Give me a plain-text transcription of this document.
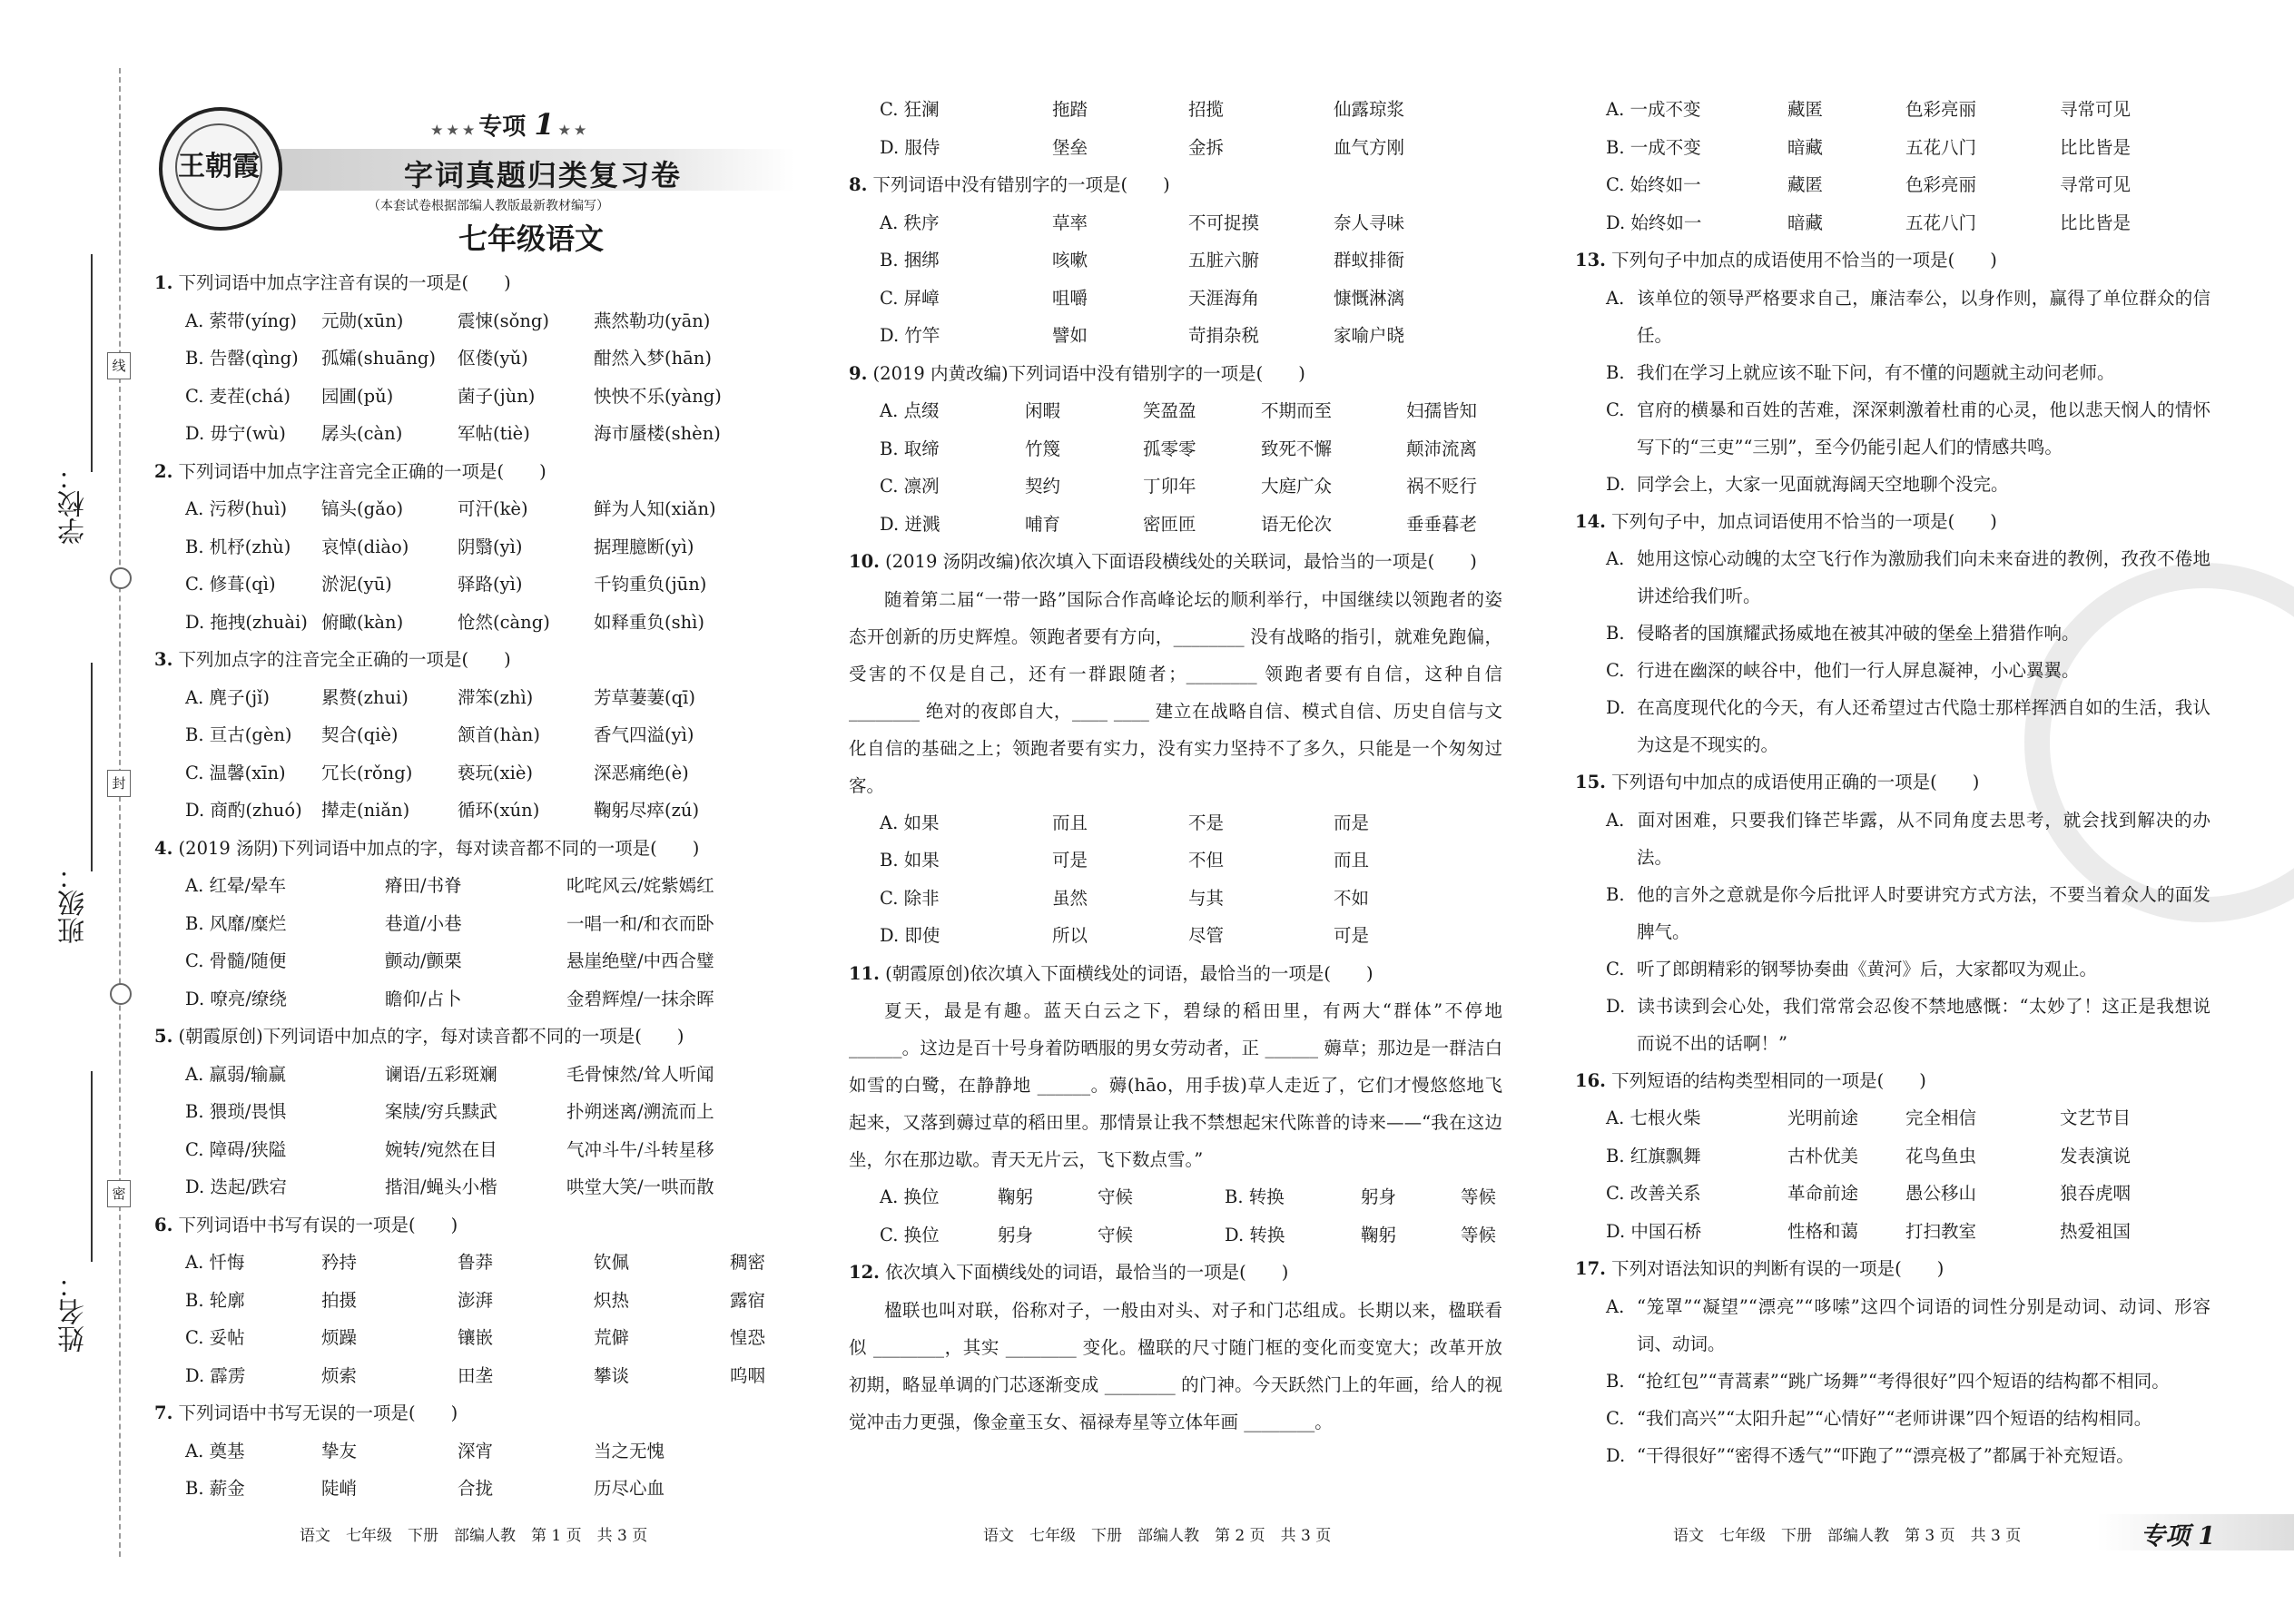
学校：
班级：
姓名：
线
封
密
王朝霞
★ ★ ★ 专项 1 ★ ★
字词真题归类复习卷
（本套试卷根据部编人教版最新教材编写）
七年级语文
1. 下列词语中加点字注音有误的一项是(　　)
A. 萦带(yíng)	元勋(xūn)	震悚(sǒng)	燕然勒功(yān)
B. 告罄(qìng)	孤孀(shuāng)	伛偻(yǔ)	酣然入梦(hān)
C. 麦茬(chá)	园圃(pǔ)	菌子(jùn)	怏怏不乐(yàng)
D. 毋宁(wù)	孱头(càn)	军帖(tiè)	海市蜃楼(shèn)
2. 下列词语中加点字注音完全正确的一项是(　　)
A. 污秽(huì)	镐头(gǎo)	可汗(kè)	鲜为人知(xiǎn)
B. 机杼(zhù)	哀悼(diào)	阴翳(yì)	据理臆断(yì)
C. 修葺(qì)	淤泥(yū)	驿路(yì)	千钧重负(jūn)
D. 拖拽(zhuài) 俯瞰(kàn)	怆然(càng)	如释重负(shì)
3. 下列加点字的注音完全正确的一项是(　　)
A. 麂子(jǐ)	累赘(zhui)	滞笨(zhì)	芳草萋萋(qī)
B. 亘古(gèn)	契合(qiè)	颔首(hàn)	香气四溢(yì)
C. 温馨(xīn)	冗长(rǒng)	亵玩(xiè)	深恶痛绝(è)
D. 商酌(zhuó)	撵走(niǎn)	循环(xún)	鞠躬尽瘁(zú)
4. (2019 汤阴)下列词语中加点的字，每对读音都不同的一项是(　　)
A. 红晕/晕车	瘠田/书脊	叱咤风云/姹紫嫣红
B. 风靡/糜烂	巷道/小巷	一唱一和/和衣而卧
C. 骨髓/随便	颤动/颤栗	悬崖绝壁/中西合璧
D. 嘹亮/缭绕	瞻仰/占卜	金碧辉煌/一抹余晖
5. (朝霞原创)下列词语中加点的字，每对读音都不同的一项是(　　)
A. 羸弱/输赢	谰语/五彩斑斓	毛骨悚然/耸人听闻
B. 猥琐/畏惧	案牍/穷兵黩武	扑朔迷离/溯流而上
C. 障碍/狭隘	婉转/宛然在目	气冲斗牛/斗转星移
D. 迭起/跌宕	揩泪/蝇头小楷	哄堂大笑/一哄而散
6. 下列词语中书写有误的一项是(　　)
A. 忏悔	矜持	鲁莽	钦佩	稠密
B. 轮廓	拍摄	澎湃	炽热	露宿
C. 妥帖	烦躁	镶嵌	荒僻	惶恐
D. 霹雳	烦索	田垄	攀谈	呜咽
7. 下列词语中书写无误的一项是(　　)
A. 奠基	挚友	深宵	当之无愧
B. 薪金	陡峭	合拢	历尽心血
C. 狂澜	拖踏	招揽	仙露琼浆
D. 服侍	堡垒	金拆	血气方刚
8. 下列词语中没有错别字的一项是(　　)
A. 秩序	草率	不可捉摸	奈人寻味
B. 捆绑	咳嗽	五脏六腑	群蚁排衙
C. 屏嶂	咀嚼	天涯海角	慷慨淋漓
D. 竹竿	譬如	苛捐杂税	家喻户晓
9. (2019 内黄改编)下列词语中没有错别字的一项是(　　)
A. 点缀	闲暇	笑盈盈	不期而至	妇孺皆知
B. 取缔	竹篾	孤零零	致死不懈	颠沛流离
C. 凛冽	契约	丁卯年	大庭广众	祸不贬行
D. 迸溅	哺育	密匝匝	语无伦次	垂垂暮老
10. (2019 汤阴改编)依次填入下面语段横线处的关联词，最恰当的一项是(　　)
随着第二届“一带一路”国际合作高峰论坛的顺利举行，中国继续以领跑者的姿态开创新的历史辉煌。领跑者要有方向，________ 没有战略的指引，就难免跑偏，受害的不仅是自己，还有一群跟随者；________ 领跑者要有自信，这种自信 ________ 绝对的夜郎自大，____ ____ 建立在战略自信、模式自信、历史自信与文化自信的基础之上；领跑者要有实力，没有实力坚持不了多久，只能是一个匆匆过客。
A. 如果	而且	不是	而是
B. 如果	可是	不但	而且
C. 除非	虽然	与其	不如
D. 即使	所以	尽管	可是
11. (朝霞原创)依次填入下面横线处的词语，最恰当的一项是(　　)
夏天，最是有趣。蓝天白云之下，碧绿的稻田里，有两大“群体”不停地 ______。这边是百十号身着防晒服的男女劳动者，正 ______ 薅草；那边是一群洁白如雪的白鹭，在静静地 ______。薅(hāo，用手拔)草人走近了，它们才慢悠悠地飞起来，又落到薅过草的稻田里。那情景让我不禁想起宋代陈普的诗来——“我在这边坐，尔在那边歇。青天无片云，飞下数点雪。”
A. 换位	鞠躬	守候	B. 转换	躬身	等候
C. 换位	躬身	守候	D. 转换	鞠躬	等候
12. 依次填入下面横线处的词语，最恰当的一项是(　　)
楹联也叫对联，俗称对子，一般由对头、对子和门芯组成。长期以来，楹联看似 ________，其实 ________ 变化。楹联的尺寸随门框的变化而变宽大；改革开放初期，略显单调的门芯逐渐变成 ________ 的门神。今天跃然门上的年画，给人的视觉冲击力更强，像金童玉女、福禄寿星等立体年画 ________。
A. 一成不变	藏匿	色彩亮丽	寻常可见
B. 一成不变	暗藏	五花八门	比比皆是
C. 始终如一	藏匿	色彩亮丽	寻常可见
D. 始终如一	暗藏	五花八门	比比皆是
13. 下列句子中加点的成语使用不恰当的一项是(　　)
A. 该单位的领导严格要求自己，廉洁奉公，以身作则，赢得了单位群众的信任。
B. 我们在学习上就应该不耻下问，有不懂的问题就主动问老师。
C. 官府的横暴和百姓的苦难，深深刺激着杜甫的心灵，他以悲天悯人的情怀写下的“三吏”“三别”，至今仍能引起人们的情感共鸣。
D. 同学会上，大家一见面就海阔天空地聊个没完。
14. 下列句子中，加点词语使用不恰当的一项是(　　)
A. 她用这惊心动魄的太空飞行作为激励我们向未来奋进的教例，孜孜不倦地讲述给我们听。
B. 侵略者的国旗耀武扬威地在被其冲破的堡垒上猎猎作响。
C. 行进在幽深的峡谷中，他们一行人屏息凝神，小心翼翼。
D. 在高度现代化的今天，有人还希望过古代隐士那样挥洒自如的生活，我认为这是不现实的。
15. 下列语句中加点的成语使用正确的一项是(　　)
A. 面对困难，只要我们锋芒毕露，从不同角度去思考，就会找到解决的办法。
B. 他的言外之意就是你今后批评人时要讲究方式方法，不要当着众人的面发脾气。
C. 听了郎朗精彩的钢琴协奏曲《黄河》后，大家都叹为观止。
D. 读书读到会心处，我们常常会忍俊不禁地感慨：“太妙了！这正是我想说而说不出的话啊！”
16. 下列短语的结构类型相同的一项是(　　)
A. 七根火柴	光明前途	完全相信	文艺节目
B. 红旗飘舞	古朴优美	花鸟鱼虫	发表演说
C. 改善关系	革命前途	愚公移山	狼吞虎咽
D. 中国石桥	性格和蔼	打扫教室	热爱祖国
17. 下列对语法知识的判断有误的一项是(　　)
A. “笼罩”“凝望”“漂亮”“哆嗦”这四个词语的词性分别是动词、动词、形容词、动词。
B. “抢红包”“青蒿素”“跳广场舞”“考得很好”四个短语的结构都不相同。
C. “我们高兴”“太阳升起”“心情好”“老师讲课”四个短语的结构相同。
D. “干得很好”“密得不透气”“吓跑了”“漂亮极了”都属于补充短语。
语文　七年级　下册　部编人教　第 1 页　共 3 页	语文　七年级　下册　部编人教　第 2 页　共 3 页	语文　七年级　下册　部编人教　第 3 页　共 3 页	专项 1
